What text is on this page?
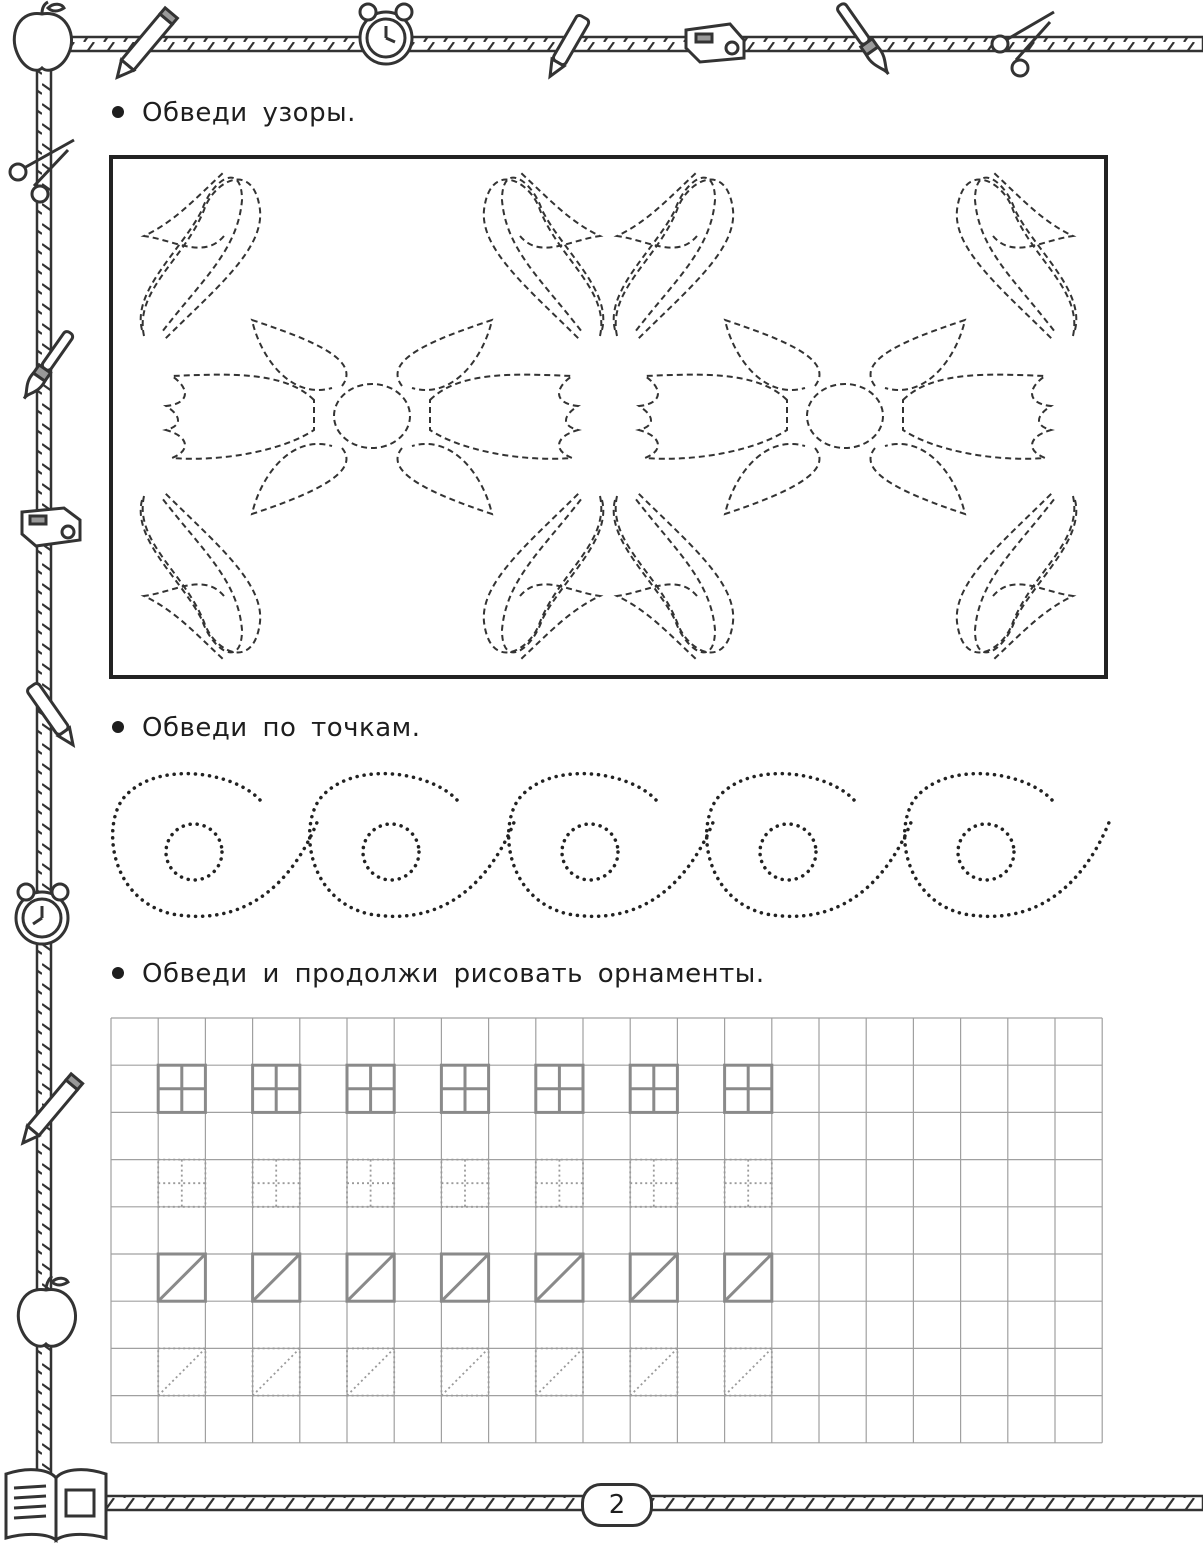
Обведи узоры.
Обведи по точкам.
Обведи и продолжи рисовать орнаменты.
2
